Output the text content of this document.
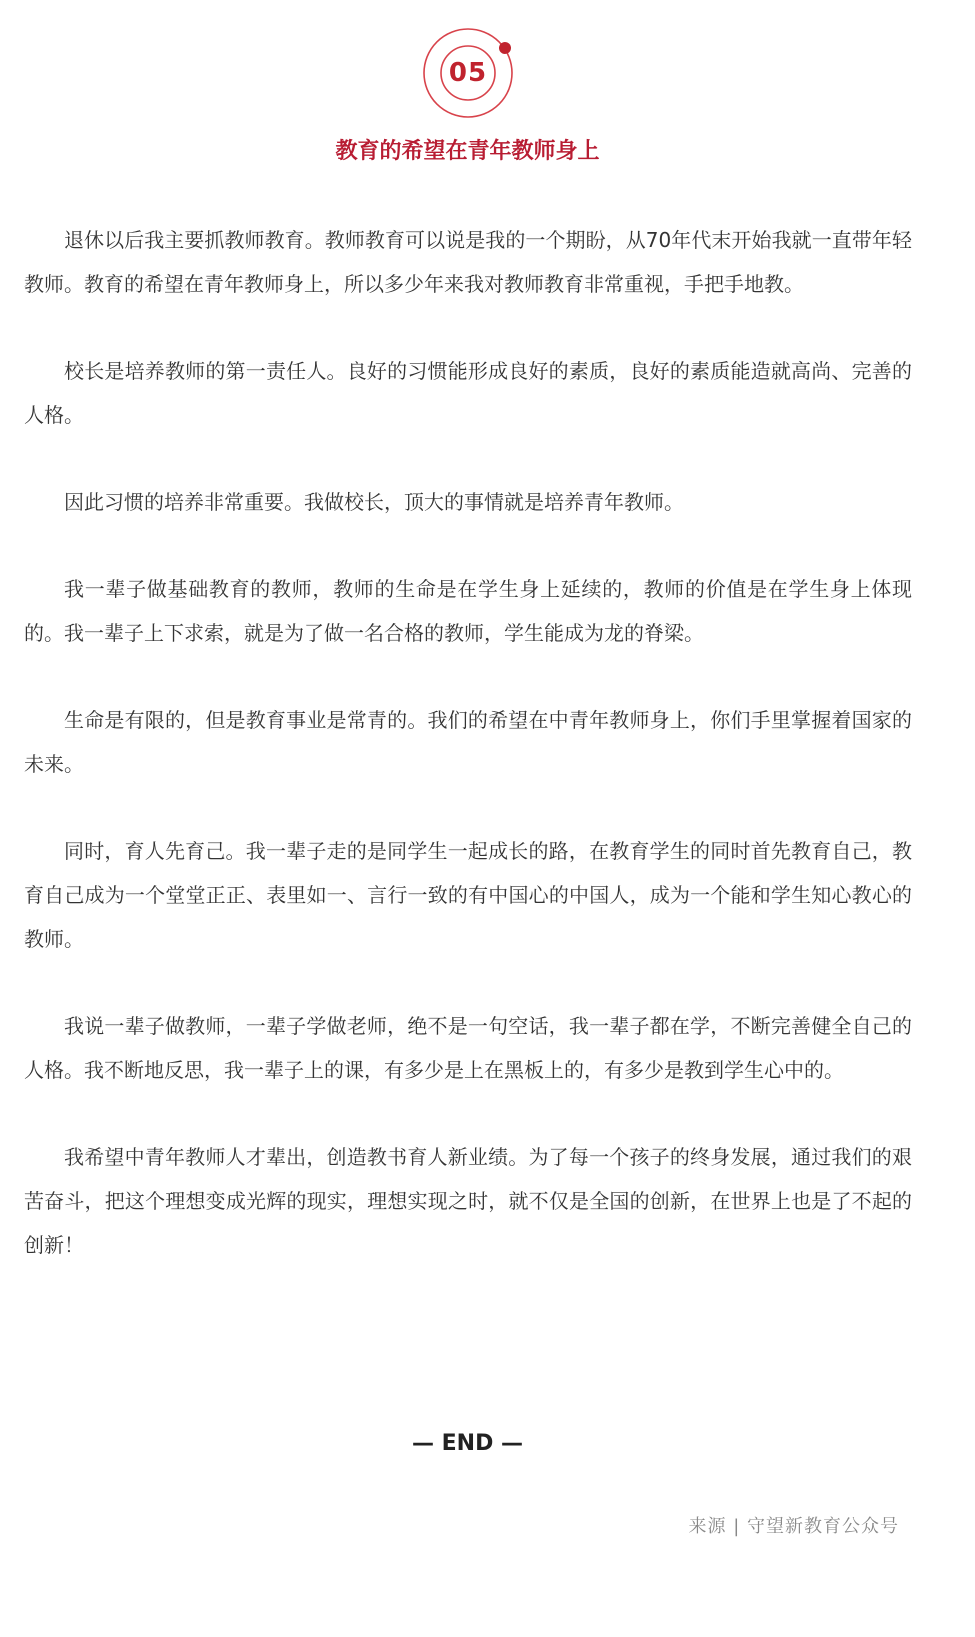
05
教育的希望在青年教师身上

退休以后我主要抓教师教育。教师教育可以说是我的一个期盼，从70年代末开始我就一直带年轻教师。教育的希望在青年教师身上，所以多少年来我对教师教育非常重视，手把手地教。

校长是培养教师的第一责任人。良好的习惯能形成良好的素质，良好的素质能造就高尚、完善的人格。

因此习惯的培养非常重要。我做校长，顶大的事情就是培养青年教师。

我一辈子做基础教育的教师，教师的生命是在学生身上延续的，教师的价值是在学生身上体现的。我一辈子上下求索，就是为了做一名合格的教师，学生能成为龙的脊梁。

生命是有限的，但是教育事业是常青的。我们的希望在中青年教师身上，你们手里掌握着国家的未来。

同时，育人先育己。我一辈子走的是同学生一起成长的路，在教育学生的同时首先教育自己，教育自己成为一个堂堂正正、表里如一、言行一致的有中国心的中国人，成为一个能和学生知心教心的教师。

我说一辈子做教师，一辈子学做老师，绝不是一句空话，我一辈子都在学，不断完善健全自己的人格。我不断地反思，我一辈子上的课，有多少是上在黑板上的，有多少是教到学生心中的。

我希望中青年教师人才辈出，创造教书育人新业绩。为了每一个孩子的终身发展，通过我们的艰苦奋斗，把这个理想变成光辉的现实，理想实现之时，就不仅是全国的创新，在世界上也是了不起的创新！

— END —
来源 | 守望新教育公众号
